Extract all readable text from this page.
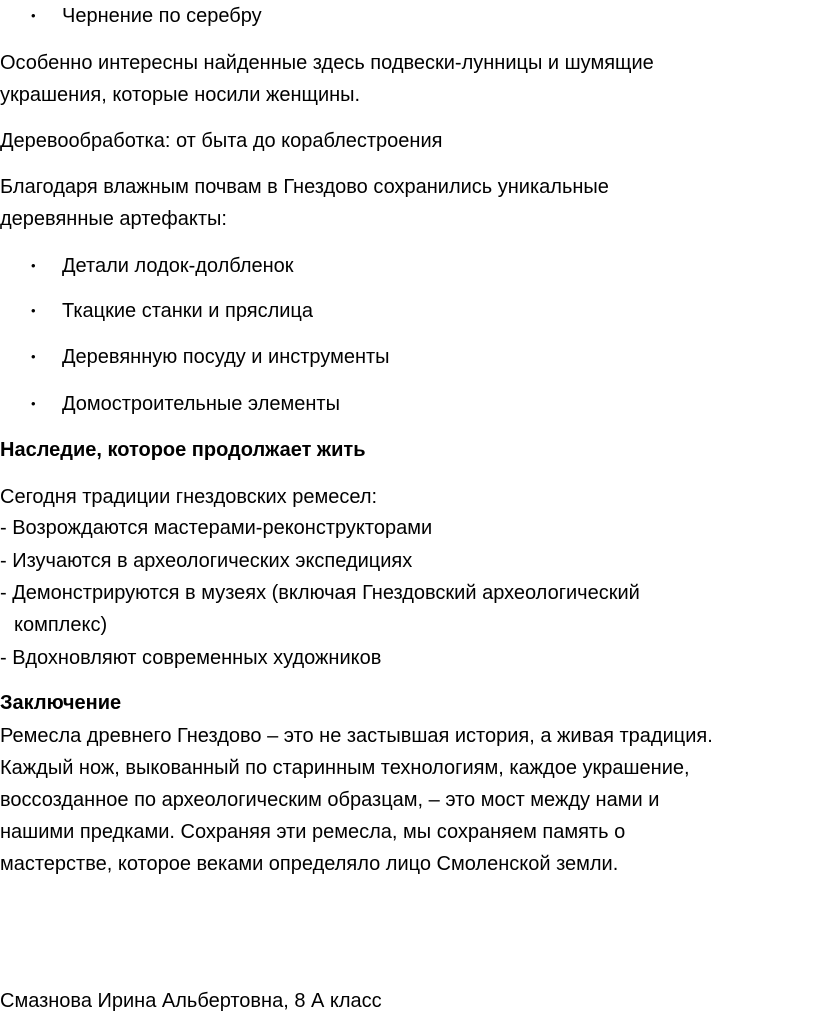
• Чернение по серебру
Особенно интересны найденные здесь подвески-лунницы и шумящие
украшения, которые носили женщины.
Деревообработка: от быта до кораблестроения
Благодаря влажным почвам в Гнездово сохранились уникальные
деревянные артефакты:
• Детали лодок-долбленок
• Ткацкие станки и пряслица
• Деревянную посуду и инструменты
• Домостроительные элементы
Наследие, которое продолжает жить
Сегодня традиции гнездовских ремесел:
- Возрождаются мастерами-реконструкторами
- Изучаются в археологических экспедициях
- Демонстрируются в музеях (включая Гнездовский археологический
комплекс)
- Вдохновляют современных художников
Заключение
Ремесла древнего Гнездово – это не застывшая история, а живая традиция.
Каждый нож, выкованный по старинным технологиям, каждое украшение,
воссозданное по археологическим образцам, – это мост между нами и
нашими предками. Сохраняя эти ремесла, мы сохраняем память о
мастерстве, которое веками определяло лицо Смоленской земли.
Смазнова Ирина Альбертовна, 8 А класс
